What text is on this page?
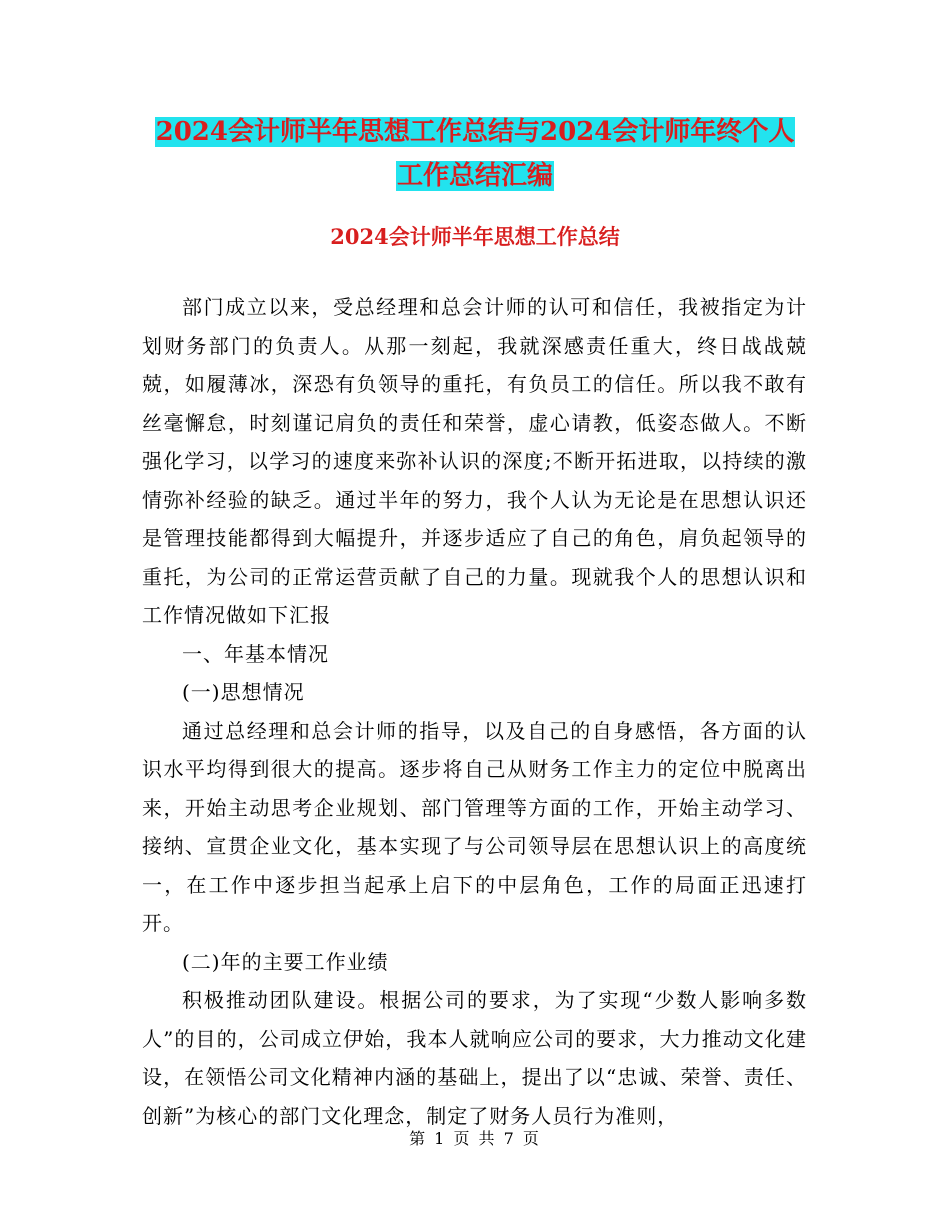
2024会计师半年思想工作总结与2024会计师年终个人
工作总结汇编
2024会计师半年思想工作总结

部门成立以来，受总经理和总会计师的认可和信任，我被指定为计划财务部门的负责人。从那一刻起，我就深感责任重大，终日战战兢兢，如履薄冰，深恐有负领导的重托，有负员工的信任。所以我不敢有丝毫懈怠，时刻谨记肩负的责任和荣誉，虚心请教，低姿态做人。不断强化学习，以学习的速度来弥补认识的深度;不断开拓进取，以持续的激情弥补经验的缺乏。通过半年的努力，我个人认为无论是在思想认识还是管理技能都得到大幅提升，并逐步适应了自己的角色，肩负起领导的重托，为公司的正常运营贡献了自己的力量。现就我个人的思想认识和工作情况做如下汇报

一、年基本情况

(一)思想情况

通过总经理和总会计师的指导，以及自己的自身感悟，各方面的认识水平均得到很大的提高。逐步将自己从财务工作主力的定位中脱离出来，开始主动思考企业规划、部门管理等方面的工作，开始主动学习、接纳、宣贯企业文化，基本实现了与公司领导层在思想认识上的高度统一，在工作中逐步担当起承上启下的中层角色，工作的局面正迅速打开。

(二)年的主要工作业绩

积极推动团队建设。根据公司的要求，为了实现“少数人影响多数人”的目的，公司成立伊始，我本人就响应公司的要求，大力推动文化建设，在领悟公司文化精神内涵的基础上，提出了以“忠诚、荣誉、责任、创新”为核心的部门文化理念，制定了财务人员行为准则，

第 1 页 共 7 页
